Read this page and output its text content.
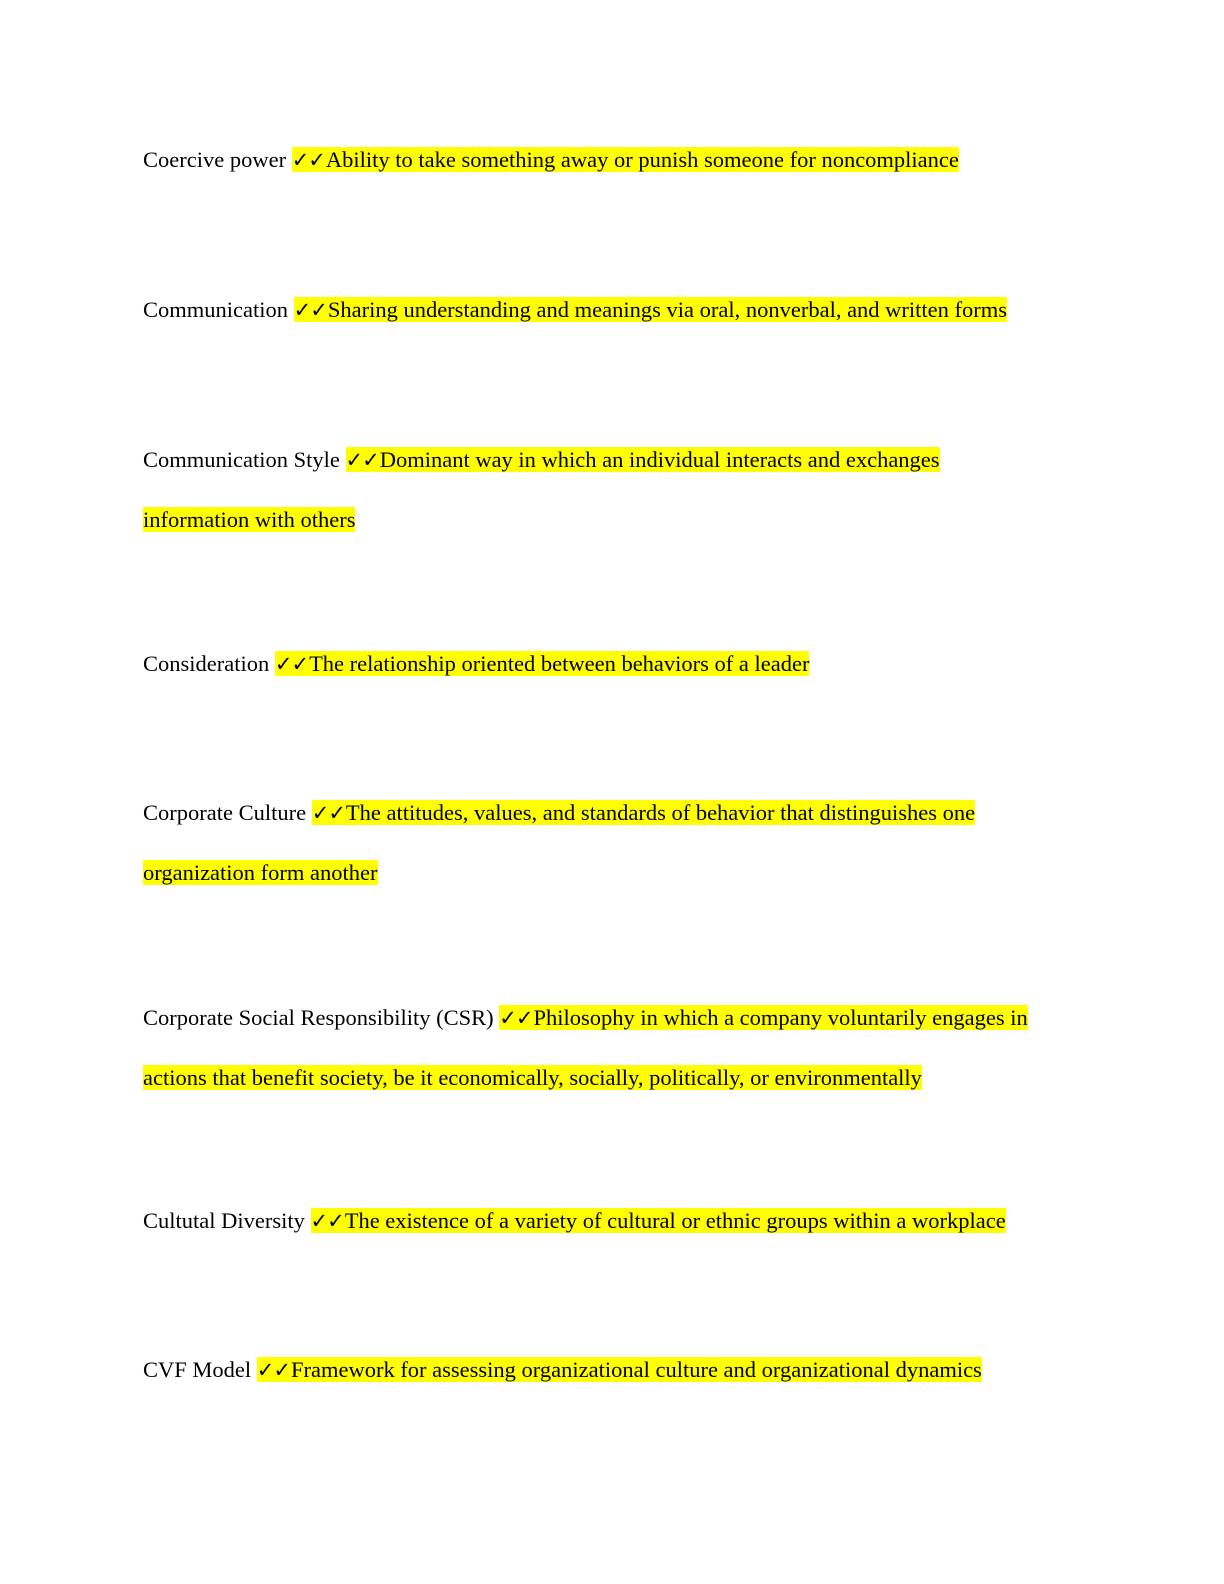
Coercive power ✓✓Ability to take something away or punish someone for noncompliance
Communication ✓✓Sharing understanding and meanings via oral, nonverbal, and written forms
Communication Style ✓✓Dominant way in which an individual interacts and exchanges information with others
Consideration ✓✓The relationship oriented between behaviors of a leader
Corporate Culture ✓✓The attitudes, values, and standards of behavior that distinguishes one organization form another
Corporate Social Responsibility (CSR) ✓✓Philosophy in which a company voluntarily engages in actions that benefit society, be it economically, socially, politically, or environmentally
Cultutal Diversity ✓✓The existence of a variety of cultural or ethnic groups within a workplace
CVF Model ✓✓Framework for assessing organizational culture and organizational dynamics
